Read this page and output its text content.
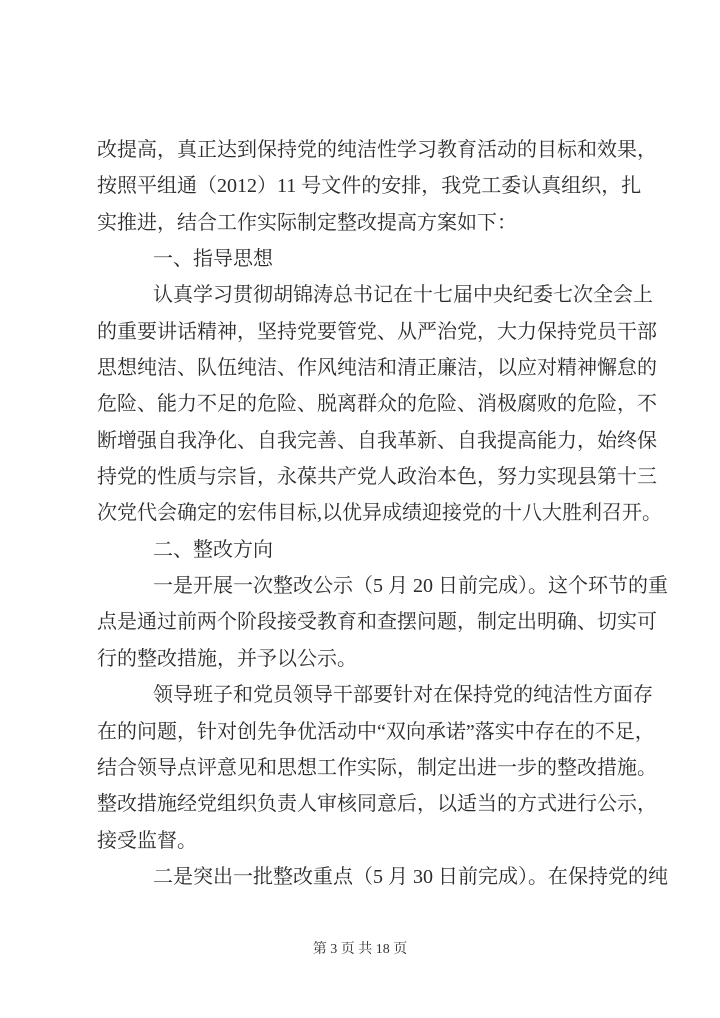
改提高，真正达到保持党的纯洁性学习教育活动的目标和效果，
按照平组通（2012）11 号文件的安排，我党工委认真组织，扎
实推进，结合工作实际制定整改提高方案如下：
一、指导思想
认真学习贯彻胡锦涛总书记在十七届中央纪委七次全会上
的重要讲话精神，坚持党要管党、从严治党，大力保持党员干部
思想纯洁、队伍纯洁、作风纯洁和清正廉洁，以应对精神懈怠的
危险、能力不足的危险、脱离群众的危险、消极腐败的危险，不
断增强自我净化、自我完善、自我革新、自我提高能力，始终保
持党的性质与宗旨，永葆共产党人政治本色，努力实现县第十三
次党代会确定的宏伟目标,以优异成绩迎接党的十八大胜利召开。
二、整改方向
一是开展一次整改公示（5 月 20 日前完成）。这个环节的重
点是通过前两个阶段接受教育和查摆问题，制定出明确、切实可
行的整改措施，并予以公示。
领导班子和党员领导干部要针对在保持党的纯洁性方面存
在的问题，针对创先争优活动中“双向承诺”落实中存在的不足，
结合领导点评意见和思想工作实际，制定出进一步的整改措施。
整改措施经党组织负责人审核同意后，以适当的方式进行公示，
接受监督。
二是突出一批整改重点（5 月 30 日前完成）。在保持党的纯
第 3 页 共 18 页
